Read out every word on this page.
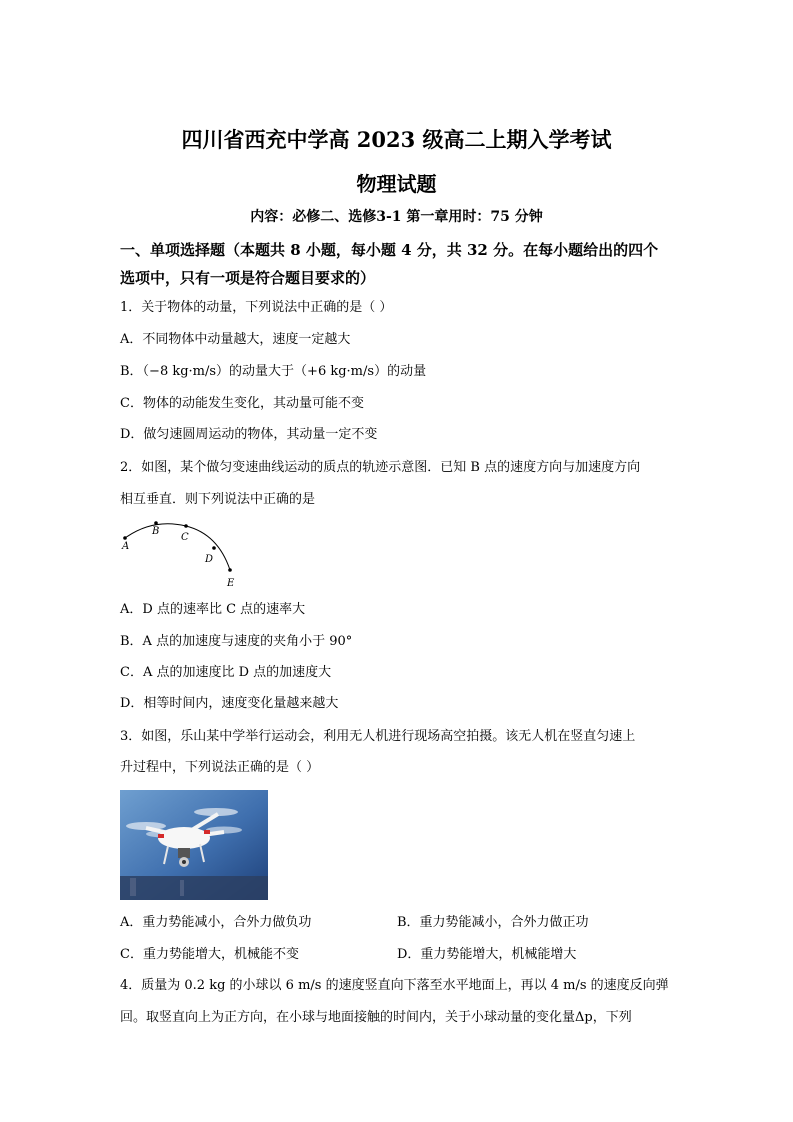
四川省西充中学高 2023 级高二上期入学考试
物理试题
内容：必修二、选修3-1 第一章用时：75 分钟
一、单项选择题（本题共 8 小题，每小题 4 分，共 32 分。在每小题给出的四个
选项中，只有一项是符合题目要求的）
1．关于物体的动量，下列说法中正确的是（ ）
A．不同物体中动量越大，速度一定越大
B．（−8 kg·m/s）的动量大于（+6 kg·m/s）的动量
C．物体的动能发生变化，其动量可能不变
D．做匀速圆周运动的物体，其动量一定不变
2．如图，某个做匀变速曲线运动的质点的轨迹示意图．已知 B 点的速度方向与加速度方向
相互垂直．则下列说法中正确的是
A
B
C
D
E
A．D 点的速率比 C 点的速率大
B．A 点的加速度与速度的夹角小于 90°
C．A 点的加速度比 D 点的加速度大
D．相等时间内，速度变化量越来越大
3．如图，乐山某中学举行运动会，利用无人机进行现场高空拍摄。该无人机在竖直匀速上
升过程中，下列说法正确的是（ ）
A．重力势能减小，合外力做负功	B．重力势能减小，合外力做正功
C．重力势能增大，机械能不变	D．重力势能增大，机械能增大
4．质量为 0.2 kg 的小球以 6 m/s 的速度竖直向下落至水平地面上，再以 4 m/s 的速度反向弹
回。取竖直向上为正方向，在小球与地面接触的时间内，关于小球动量的变化量Δp，下列
